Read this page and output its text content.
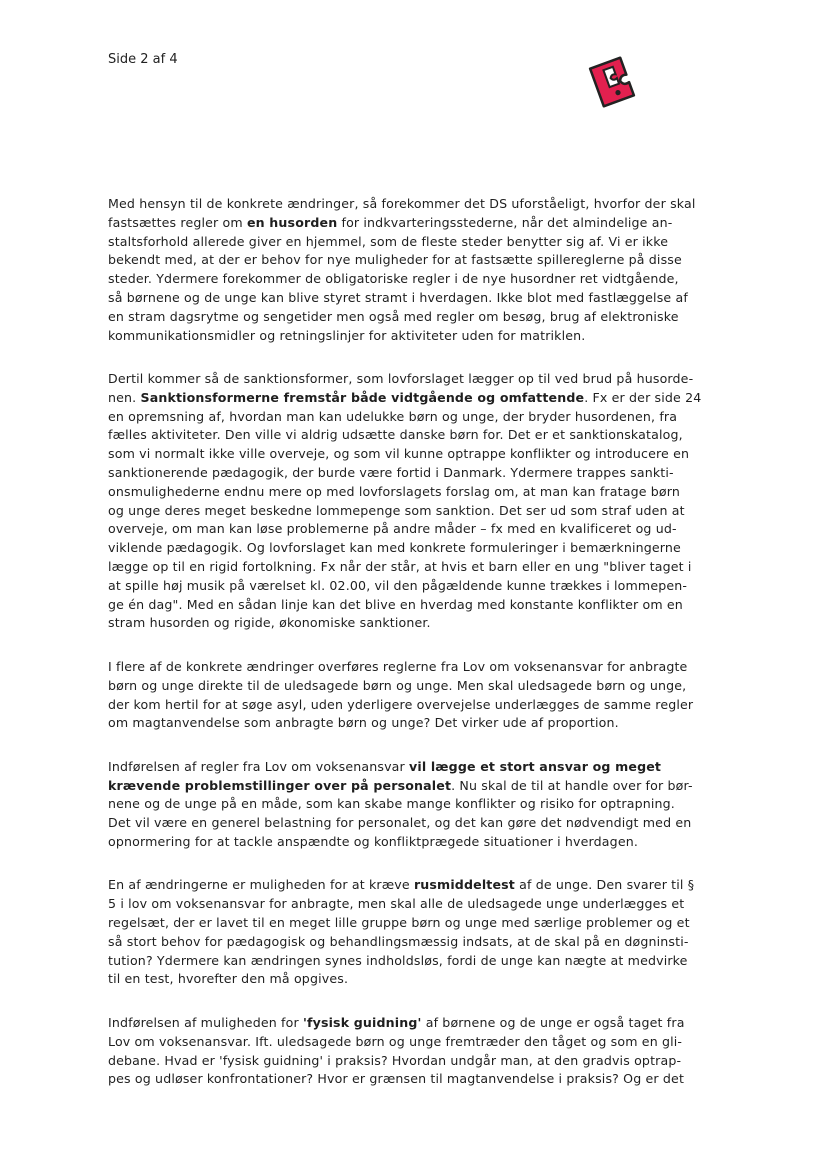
Side 2 af 4

Med hensyn til de konkrete ændringer, så forekommer det DS uforståeligt, hvorfor der skal
fastsættes regler om en husorden for indkvarteringsstederne, når det almindelige an-
staltsforhold allerede giver en hjemmel, som de fleste steder benytter sig af. Vi er ikke
bekendt med, at der er behov for nye muligheder for at fastsætte spillereglerne på disse
steder. Ydermere forekommer de obligatoriske regler i de nye husordner ret vidtgående,
så børnene og de unge kan blive styret stramt i hverdagen. Ikke blot med fastlæggelse af
en stram dagsrytme og sengetider men også med regler om besøg, brug af elektroniske
kommunikationsmidler og retningslinjer for aktiviteter uden for matriklen.

Dertil kommer så de sanktionsformer, som lovforslaget lægger op til ved brud på husorde-
nen. Sanktionsformerne fremstår både vidtgående og omfattende. Fx er der side 24
en opremsning af, hvordan man kan udelukke børn og unge, der bryder husordenen, fra
fælles aktiviteter. Den ville vi aldrig udsætte danske børn for. Det er et sanktionskatalog,
som vi normalt ikke ville overveje, og som vil kunne optrappe konflikter og introducere en
sanktionerende pædagogik, der burde være fortid i Danmark. Ydermere trappes sankti-
onsmulighederne endnu mere op med lovforslagets forslag om, at man kan fratage børn
og unge deres meget beskedne lommepenge som sanktion. Det ser ud som straf uden at
overveje, om man kan løse problemerne på andre måder – fx med en kvalificeret og ud-
viklende pædagogik. Og lovforslaget kan med konkrete formuleringer i bemærkningerne
lægge op til en rigid fortolkning. Fx når der står, at hvis et barn eller en ung "bliver taget i
at spille høj musik på værelset kl. 02.00, vil den pågældende kunne trækkes i lommepen-
ge én dag". Med en sådan linje kan det blive en hverdag med konstante konflikter om en
stram husorden og rigide, økonomiske sanktioner.

I flere af de konkrete ændringer overføres reglerne fra Lov om voksenansvar for anbragte
børn og unge direkte til de uledsagede børn og unge. Men skal uledsagede børn og unge,
der kom hertil for at søge asyl, uden yderligere overvejelse underlægges de samme regler
om magtanvendelse som anbragte børn og unge? Det virker ude af proportion.

Indførelsen af regler fra Lov om voksenansvar vil lægge et stort ansvar og meget
krævende problemstillinger over på personalet. Nu skal de til at handle over for bør-
nene og de unge på en måde, som kan skabe mange konflikter og risiko for optrapning.
Det vil være en generel belastning for personalet, og det kan gøre det nødvendigt med en
opnormering for at tackle anspændte og konfliktprægede situationer i hverdagen.

En af ændringerne er muligheden for at kræve rusmiddeltest af de unge. Den svarer til §
5 i lov om voksenansvar for anbragte, men skal alle de uledsagede unge underlægges et
regelsæt, der er lavet til en meget lille gruppe børn og unge med særlige problemer og et
så stort behov for pædagogisk og behandlingsmæssig indsats, at de skal på en døgninsti-
tution? Ydermere kan ændringen synes indholdsløs, fordi de unge kan nægte at medvirke
til en test, hvorefter den må opgives.

Indførelsen af muligheden for 'fysisk guidning' af børnene og de unge er også taget fra
Lov om voksenansvar. Ift. uledsagede børn og unge fremtræder den tåget og som en gli-
debane. Hvad er 'fysisk guidning' i praksis? Hvordan undgår man, at den gradvis optrap-
pes og udløser konfrontationer? Hvor er grænsen til magtanvendelse i praksis? Og er det
